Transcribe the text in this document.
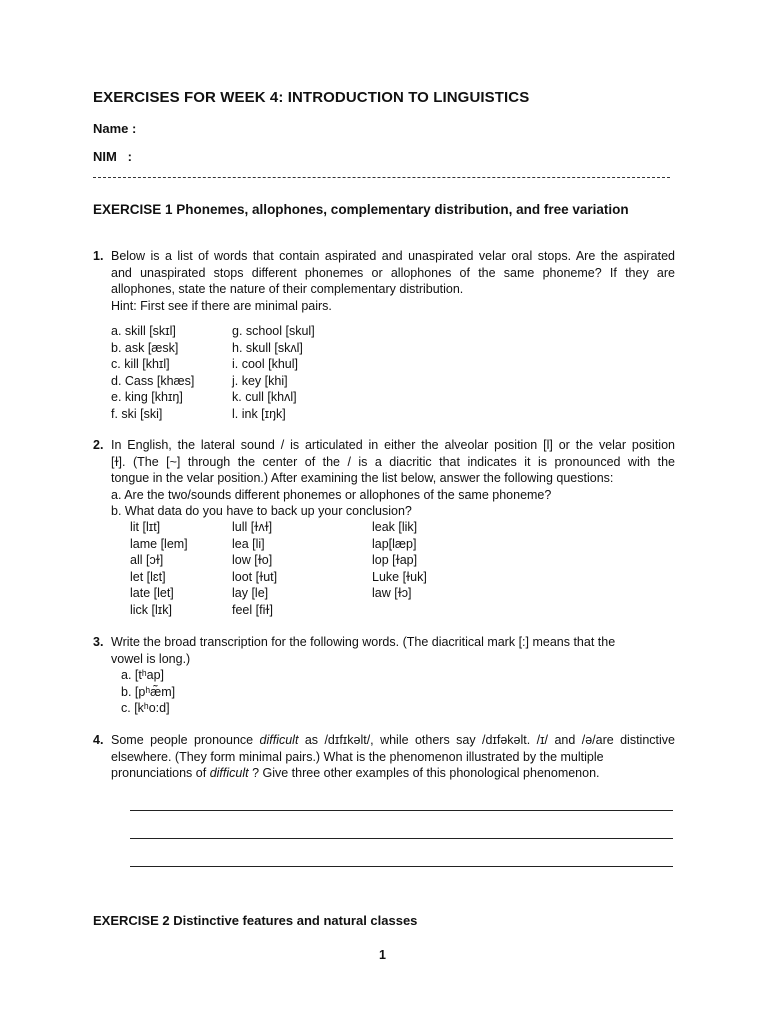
EXERCISES FOR WEEK 4: INTRODUCTION TO LINGUISTICS
Name :
NIM   :
EXERCISE 1 Phonemes, allophones, complementary distribution, and free variation
1. Below is a list of words that contain aspirated and unaspirated velar oral stops. Are the aspirated
and unaspirated stops different phonemes or allophones of the same phoneme? If they are
allophones, state the nature of their complementary distribution.
Hint: First see if there are minimal pairs.
a. skill [skɪl]	g. school [skul]
b. ask [æsk]	h. skull [skʌl]
c. kill [khɪl]	i. cool [khul]
d. Cass [khæs]	j. key [khi]
e. king [khɪŋ]	k. cull [khʌl]
f. ski [ski]	l. ink [ɪŋk]
2. In English, the lateral sound / is articulated in either the alveolar position [l] or the velar position
[ɫ]. (The [~] through the center of the / is a diacritic that indicates it is pronounced with the
tongue in the velar position.) After examining the list below, answer the following questions:
a. Are the two/sounds different phonemes or allophones of the same phoneme?
b. What data do you have to back up your conclusion?
lit [lɪt]	lull [ɫʌɫ]	leak [lik]
lame [lem]	lea [li]	lap[læp]
all [ɔɫ]	low [ɫo]	lop [ɫap]
let [lɛt]	loot [ɫut]	Luke [ɫuk]
late [let]	lay [le]	law [ɫɔ]
lick [lɪk]	feel [fiɫ]
3. Write the broad transcription for the following words. (The diacritical mark [:] means that the
vowel is long.)
a. [tʰap]
b. [pʰæ̃m]
c. [kʰo:d]
4. Some people pronounce difficult as /dɪfɪkəlt/, while others say /dɪfəkəlt. /ɪ/ and /ə/are distinctive
elsewhere. (They form minimal pairs.) What is the phenomenon illustrated by the multiple
pronunciations of difficult ? Give three other examples of this phonological phenomenon.
EXERCISE 2 Distinctive features and natural classes
1
